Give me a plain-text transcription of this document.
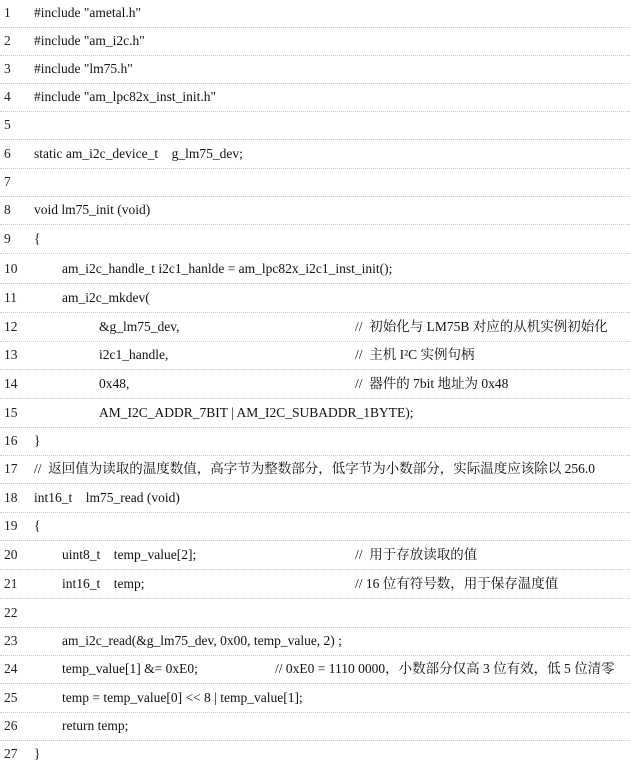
1 #include "ametal.h"
2 #include "am_i2c.h"
3 #include "lm75.h"
4 #include "am_lpc82x_inst_init.h"
5
6 static am_i2c_device_t    g_lm75_dev;
7
8 void lm75_init (void)
9 {
10	am_i2c_handle_t i2c1_hanlde = am_lpc82x_i2c1_inst_init();
11	am_i2c_mkdev(
12	&g_lm75_dev,	//  初始化与 LM75B 对应的从机实例初始化
13	i2c1_handle,	//  主机 I²C 实例句柄
14	0x48,	//  器件的 7bit 地址为 0x48
15	AM_I2C_ADDR_7BIT | AM_I2C_SUBADDR_1BYTE);
16 }
17 //  返回值为读取的温度数值，高字节为整数部分，低字节为小数部分，实际温度应该除以 256.0
18 int16_t    lm75_read (void)
19 {
20	uint8_t    temp_value[2];	//  用于存放读取的值
21	int16_t    temp;	// 16 位有符号数，用于保存温度值
22
23	am_i2c_read(&g_lm75_dev, 0x00, temp_value, 2) ;
24	temp_value[1] &= 0xE0;	// 0xE0 = 1110 0000，小数部分仅高 3 位有效，低 5 位清零
25	temp = temp_value[0] << 8 | temp_value[1];
26	return temp;
27 }
